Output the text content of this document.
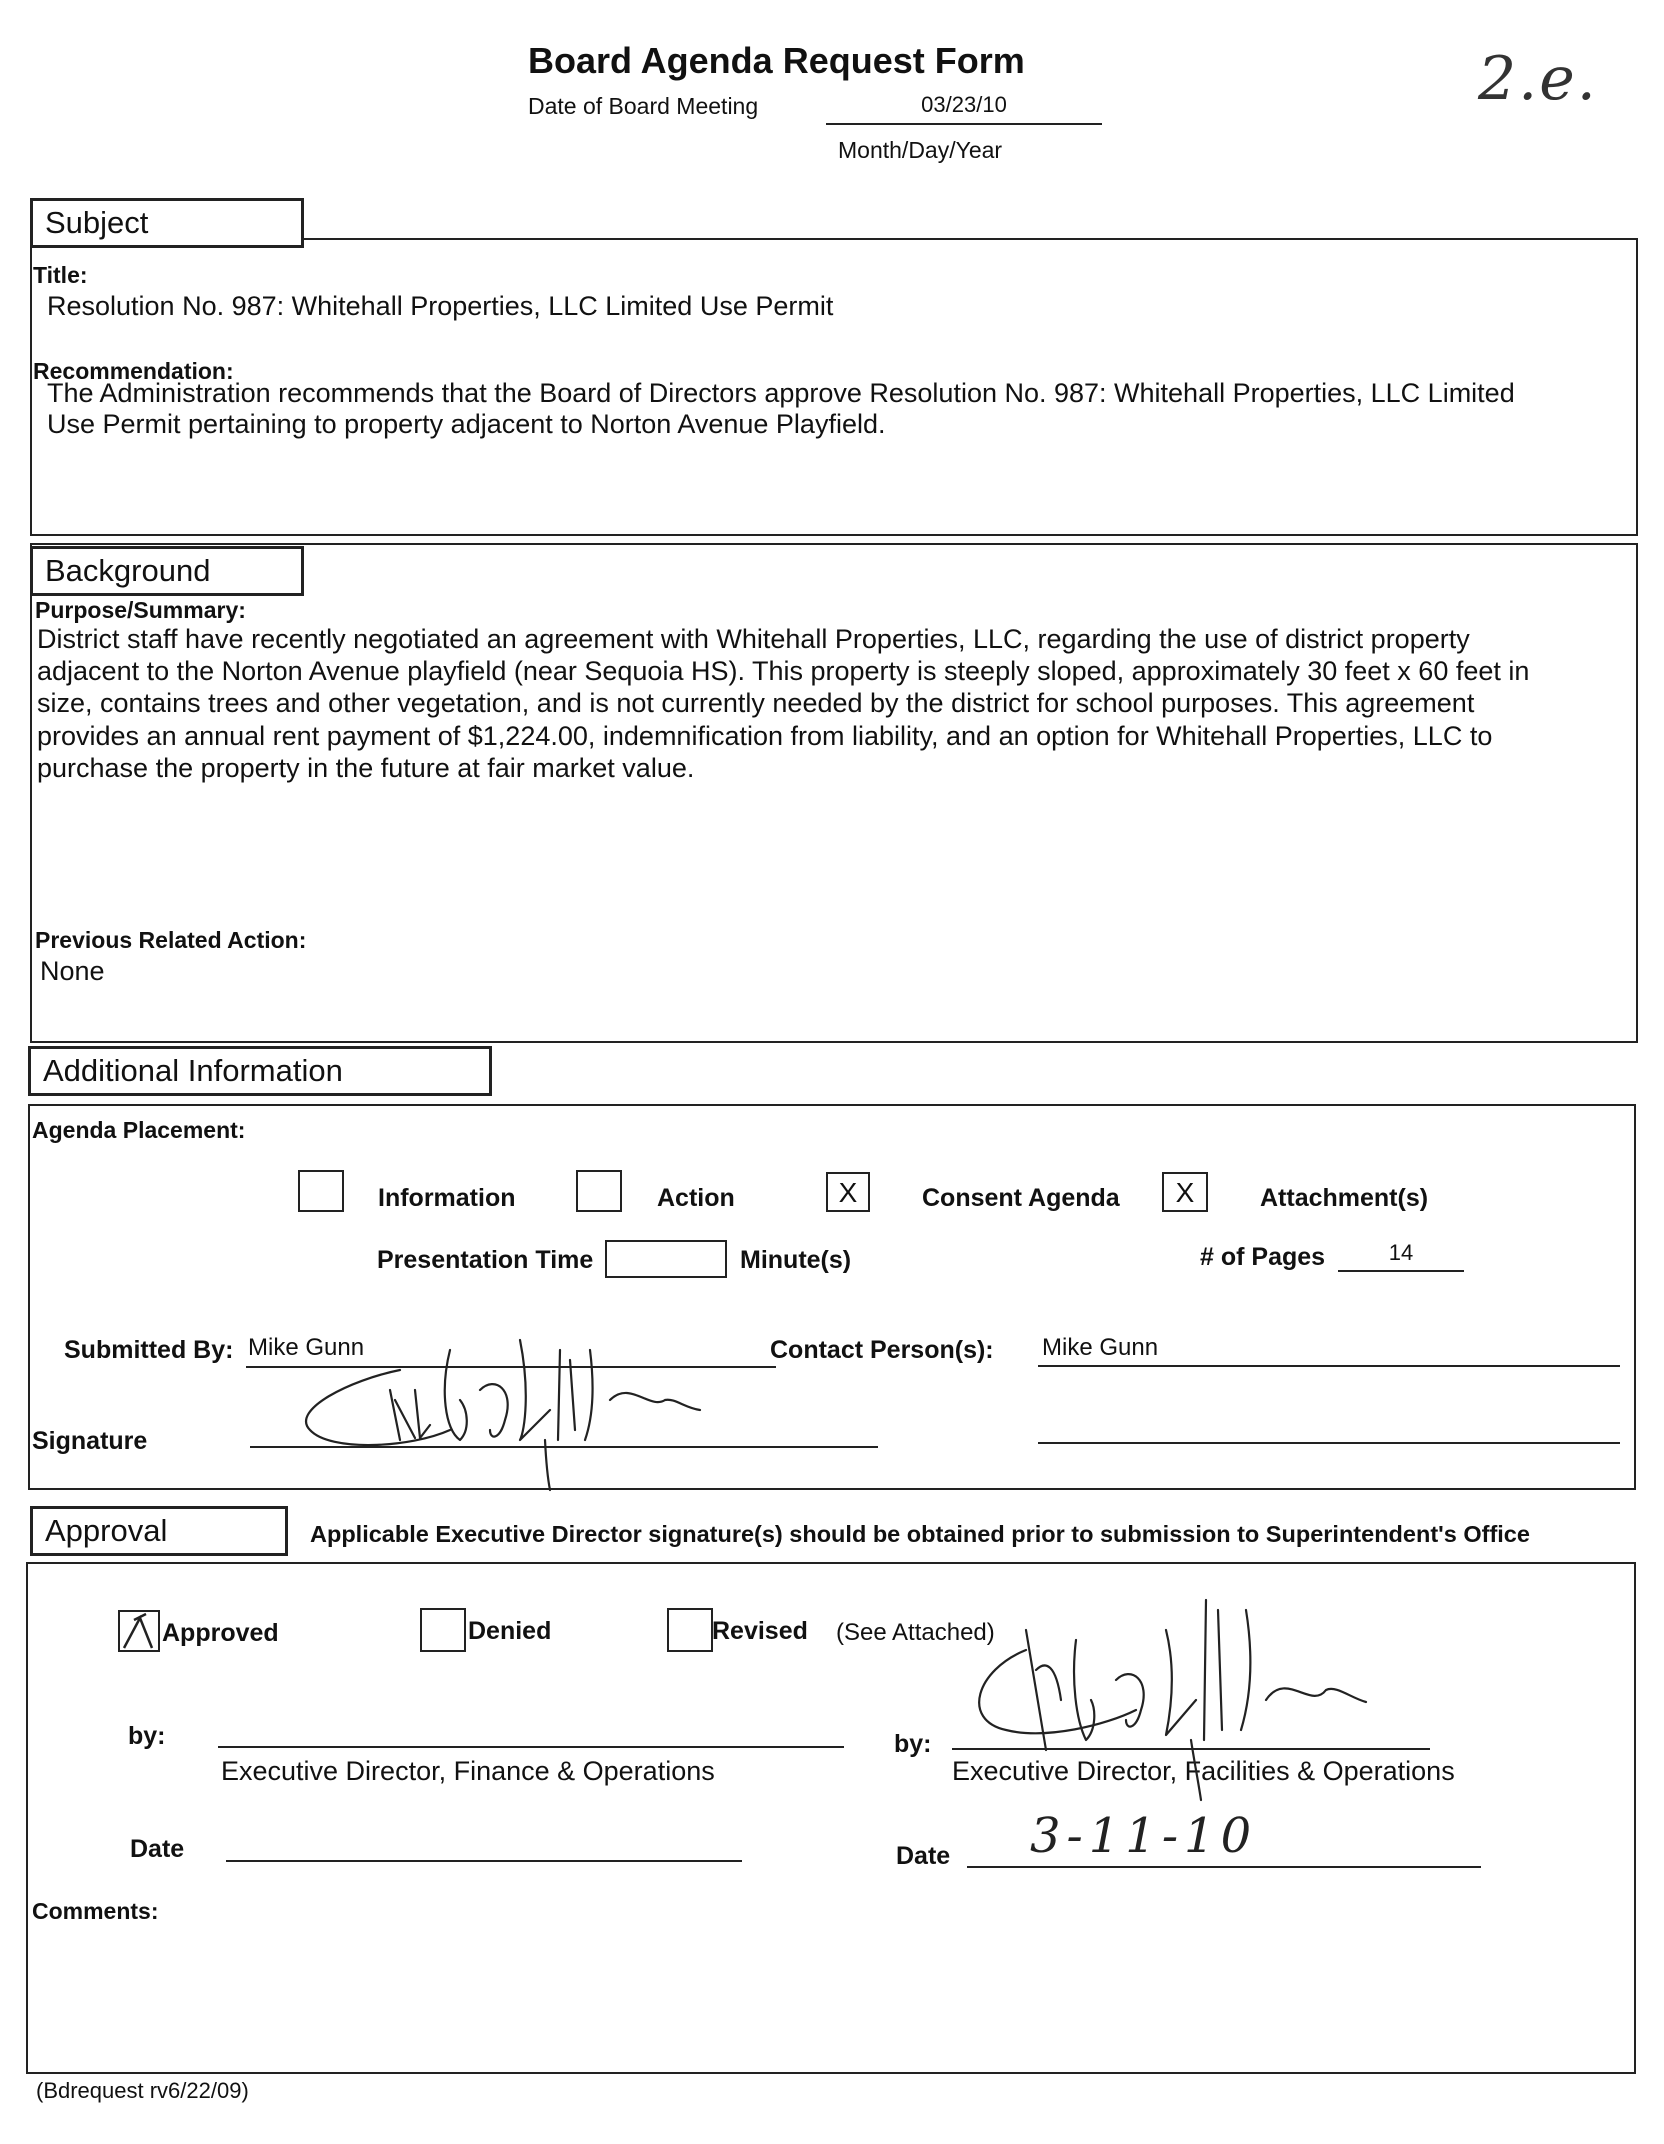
Board Agenda Request Form
Date of Board Meeting	03/23/10
Month/Day/Year
2.e.
Subject
Title:
Resolution No. 987: Whitehall Properties, LLC Limited Use Permit
Recommendation:
The Administration recommends that the Board of Directors approve Resolution No. 987: Whitehall Properties, LLC Limited
Use Permit pertaining to property adjacent to Norton Avenue Playfield.
Background
Purpose/Summary:
District staff have recently negotiated an agreement with Whitehall Properties, LLC, regarding the use of district property
adjacent to the Norton Avenue playfield (near Sequoia HS). This property is steeply sloped, approximately 30 feet x 60 feet in
size, contains trees and other vegetation, and is not currently needed by the district for school purposes. This agreement
provides an annual rent payment of $1,224.00, indemnification from liability, and an option for Whitehall Properties, LLC to
purchase the property in the future at fair market value.
Previous Related Action:
None
Additional Information
Agenda Placement:
Information	Action	X	Consent Agenda	X	Attachment(s)
Presentation Time	Minute(s)	# of Pages	14
Submitted By: Mike Gunn	Contact Person(s): Mike Gunn
Signature
Approval	Applicable Executive Director signature(s) should be obtained prior to submission to Superintendent's Office
Approved	Denied	Revised (See Attached)
by:
Executive Director, Finance & Operations
by:
Executive Director, Facilities & Operations
Date	Date 3-11-10
Comments:
(Bdrequest rv6/22/09)
